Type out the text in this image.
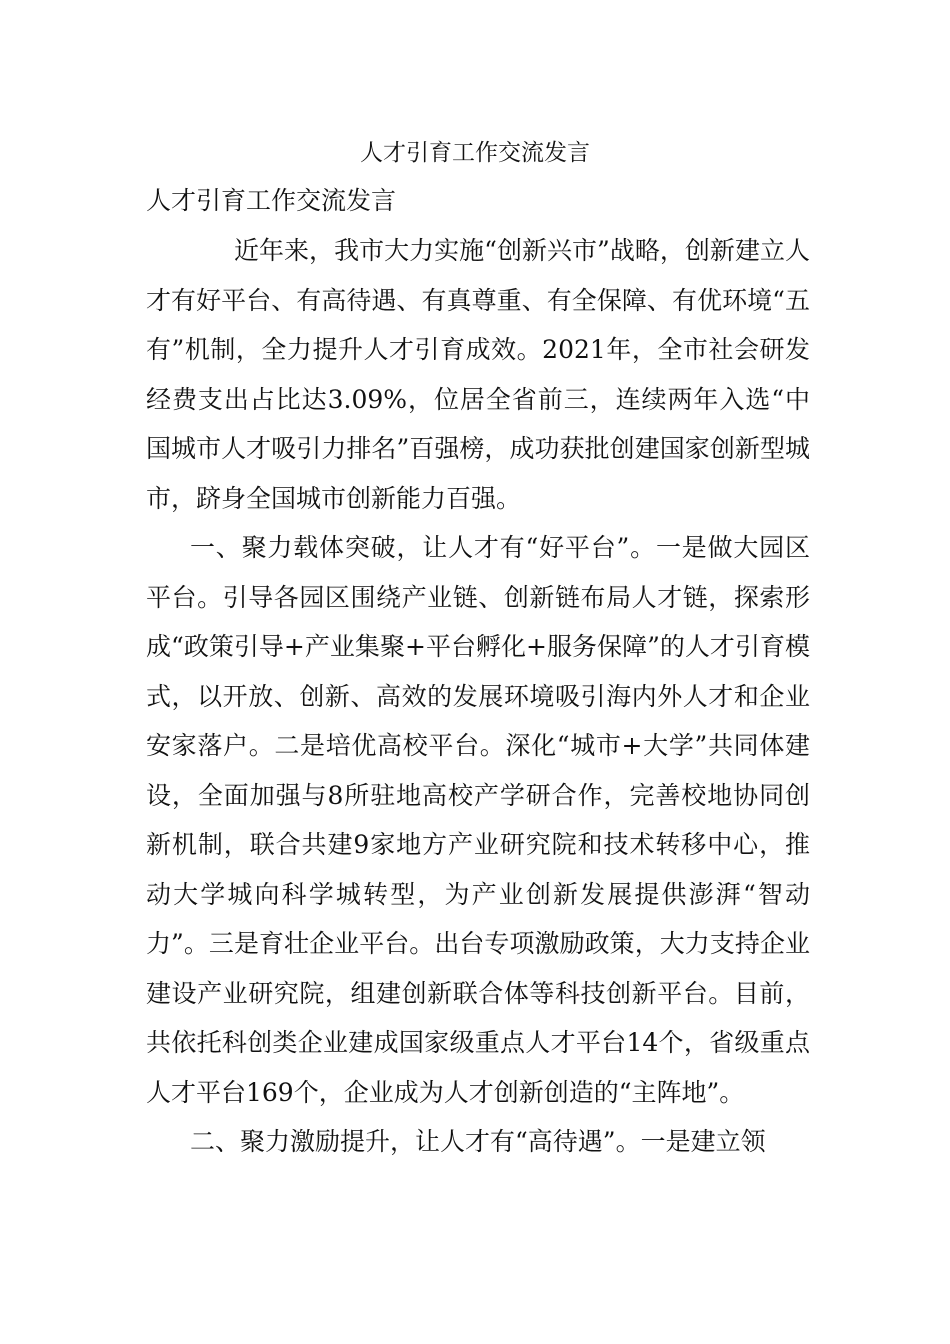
人才引育工作交流发言
人才引育工作交流发言

近年来，我市大力实施“创新兴市”战略，创新建立人才有好平台、有高待遇、有真尊重、有全保障、有优环境“五有”机制，全力提升人才引育成效。2021年，全市社会研发经费支出占比达3.09%，位居全省前三，连续两年入选“中国城市人才吸引力排名”百强榜，成功获批创建国家创新型城市，跻身全国城市创新能力百强。

一、聚力载体突破，让人才有“好平台”。一是做大园区平台。引导各园区围绕产业链、创新链布局人才链，探索形成“政策引导+产业集聚+平台孵化+服务保障”的人才引育模式，以开放、创新、高效的发展环境吸引海内外人才和企业安家落户。二是培优高校平台。深化“城市+大学”共同体建设，全面加强与8所驻地高校产学研合作，完善校地协同创新机制，联合共建9家地方产业研究院和技术转移中心，推动大学城向科学城转型，为产业创新发展提供澎湃“智动力”。三是育壮企业平台。出台专项激励政策，大力支持企业建设产业研究院，组建创新联合体等科技创新平台。目前，共依托科创类企业建成国家级重点人才平台14个，省级重点人才平台169个，企业成为人才创新创造的“主阵地”。

二、聚力激励提升，让人才有“高待遇”。一是建立领
